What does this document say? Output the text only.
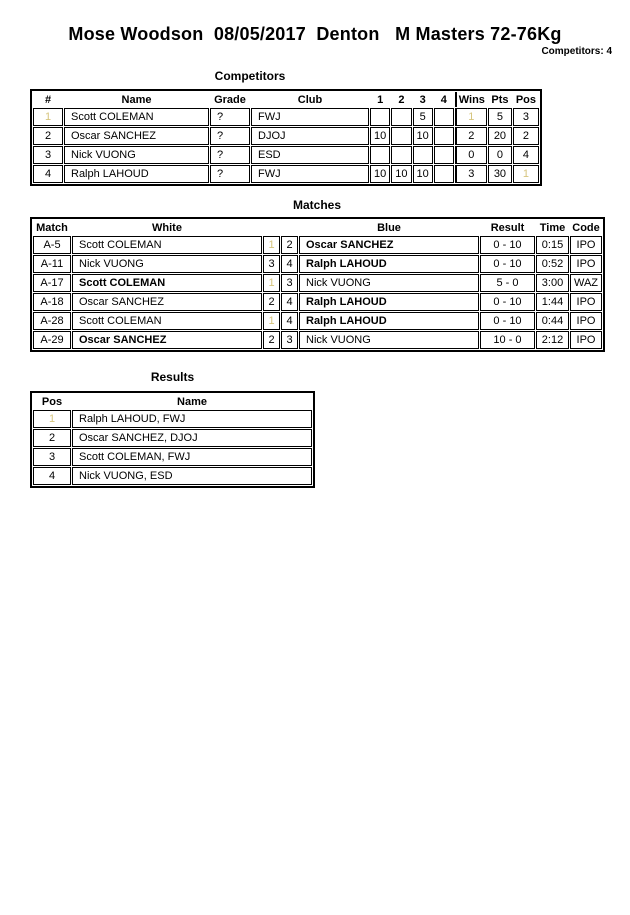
Mose Woodson  08/05/2017  Denton   M Masters 72-76Kg
Competitors: 4
Competitors
#	Name	Grade	Club	1	2	3	4	Wins	Pts	Pos
1	Scott COLEMAN	?	FWJ			5		1	5	3
2	Oscar SANCHEZ	?	DJOJ	10		10		2	20	2
3	Nick VUONG	?	ESD					0	0	4
4	Ralph LAHOUD	?	FWJ	10	10	10		3	30	1
Matches
Match	White			Blue	Result	Time	Code
A-5	Scott COLEMAN	1	2	Oscar SANCHEZ	0 - 10	0:15	IPO
A-11	Nick VUONG	3	4	Ralph LAHOUD	0 - 10	0:52	IPO
A-17	Scott COLEMAN	1	3	Nick VUONG	5 - 0	3:00	WAZ
A-18	Oscar SANCHEZ	2	4	Ralph LAHOUD	0 - 10	1:44	IPO
A-28	Scott COLEMAN	1	4	Ralph LAHOUD	0 - 10	0:44	IPO
A-29	Oscar SANCHEZ	2	3	Nick VUONG	10 - 0	2:12	IPO
Results
Pos	Name
1	Ralph LAHOUD, FWJ
2	Oscar SANCHEZ, DJOJ
3	Scott COLEMAN, FWJ
4	Nick VUONG, ESD
